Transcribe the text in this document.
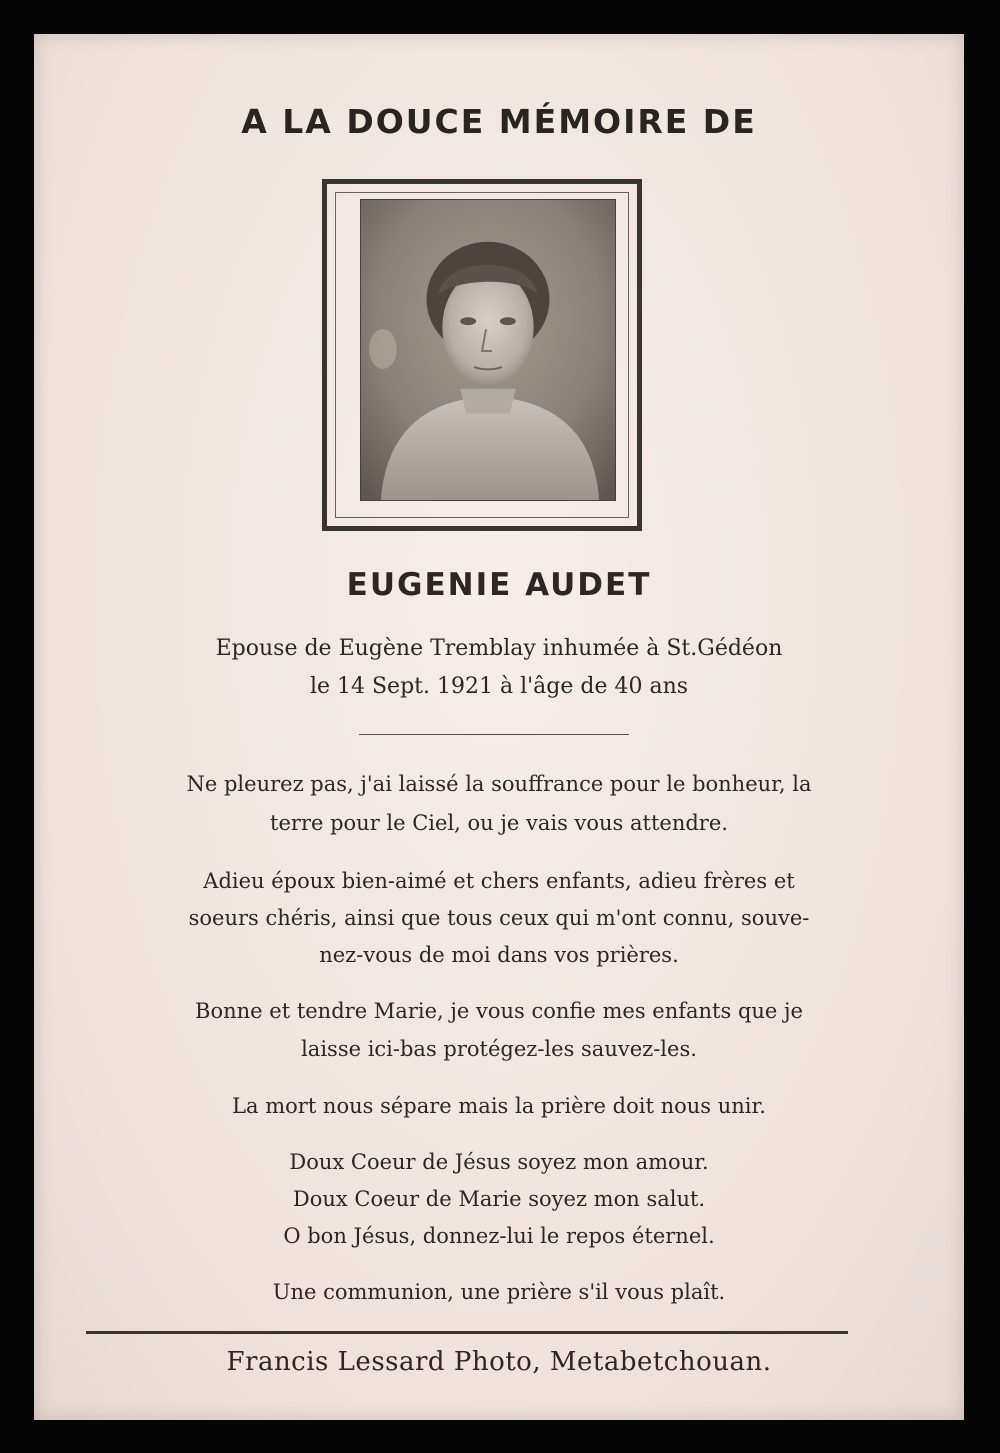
A LA DOUCE MÉMOIRE DE
EUGENIE AUDET
Epouse de Eugène Tremblay inhumée à St.Gédéon
le 14 Sept. 1921 à l'âge de 40 ans
Ne pleurez pas, j'ai laissé la souffrance pour le bonheur, la
terre pour le Ciel, ou je vais vous attendre.
Adieu époux bien-aimé et chers enfants, adieu frères et
soeurs chéris, ainsi que tous ceux qui m'ont connu, souve-
nez-vous de moi dans vos prières.
Bonne et tendre Marie, je vous confie mes enfants que je
laisse ici-bas protégez-les sauvez-les.
La mort nous sépare mais la prière doit nous unir.
Doux Coeur de Jésus soyez mon amour.
Doux Coeur de Marie soyez mon salut.
O bon Jésus, donnez-lui le repos éternel.
Une communion, une prière s'il vous plaît.
Francis Lessard Photo, Metabetchouan.
